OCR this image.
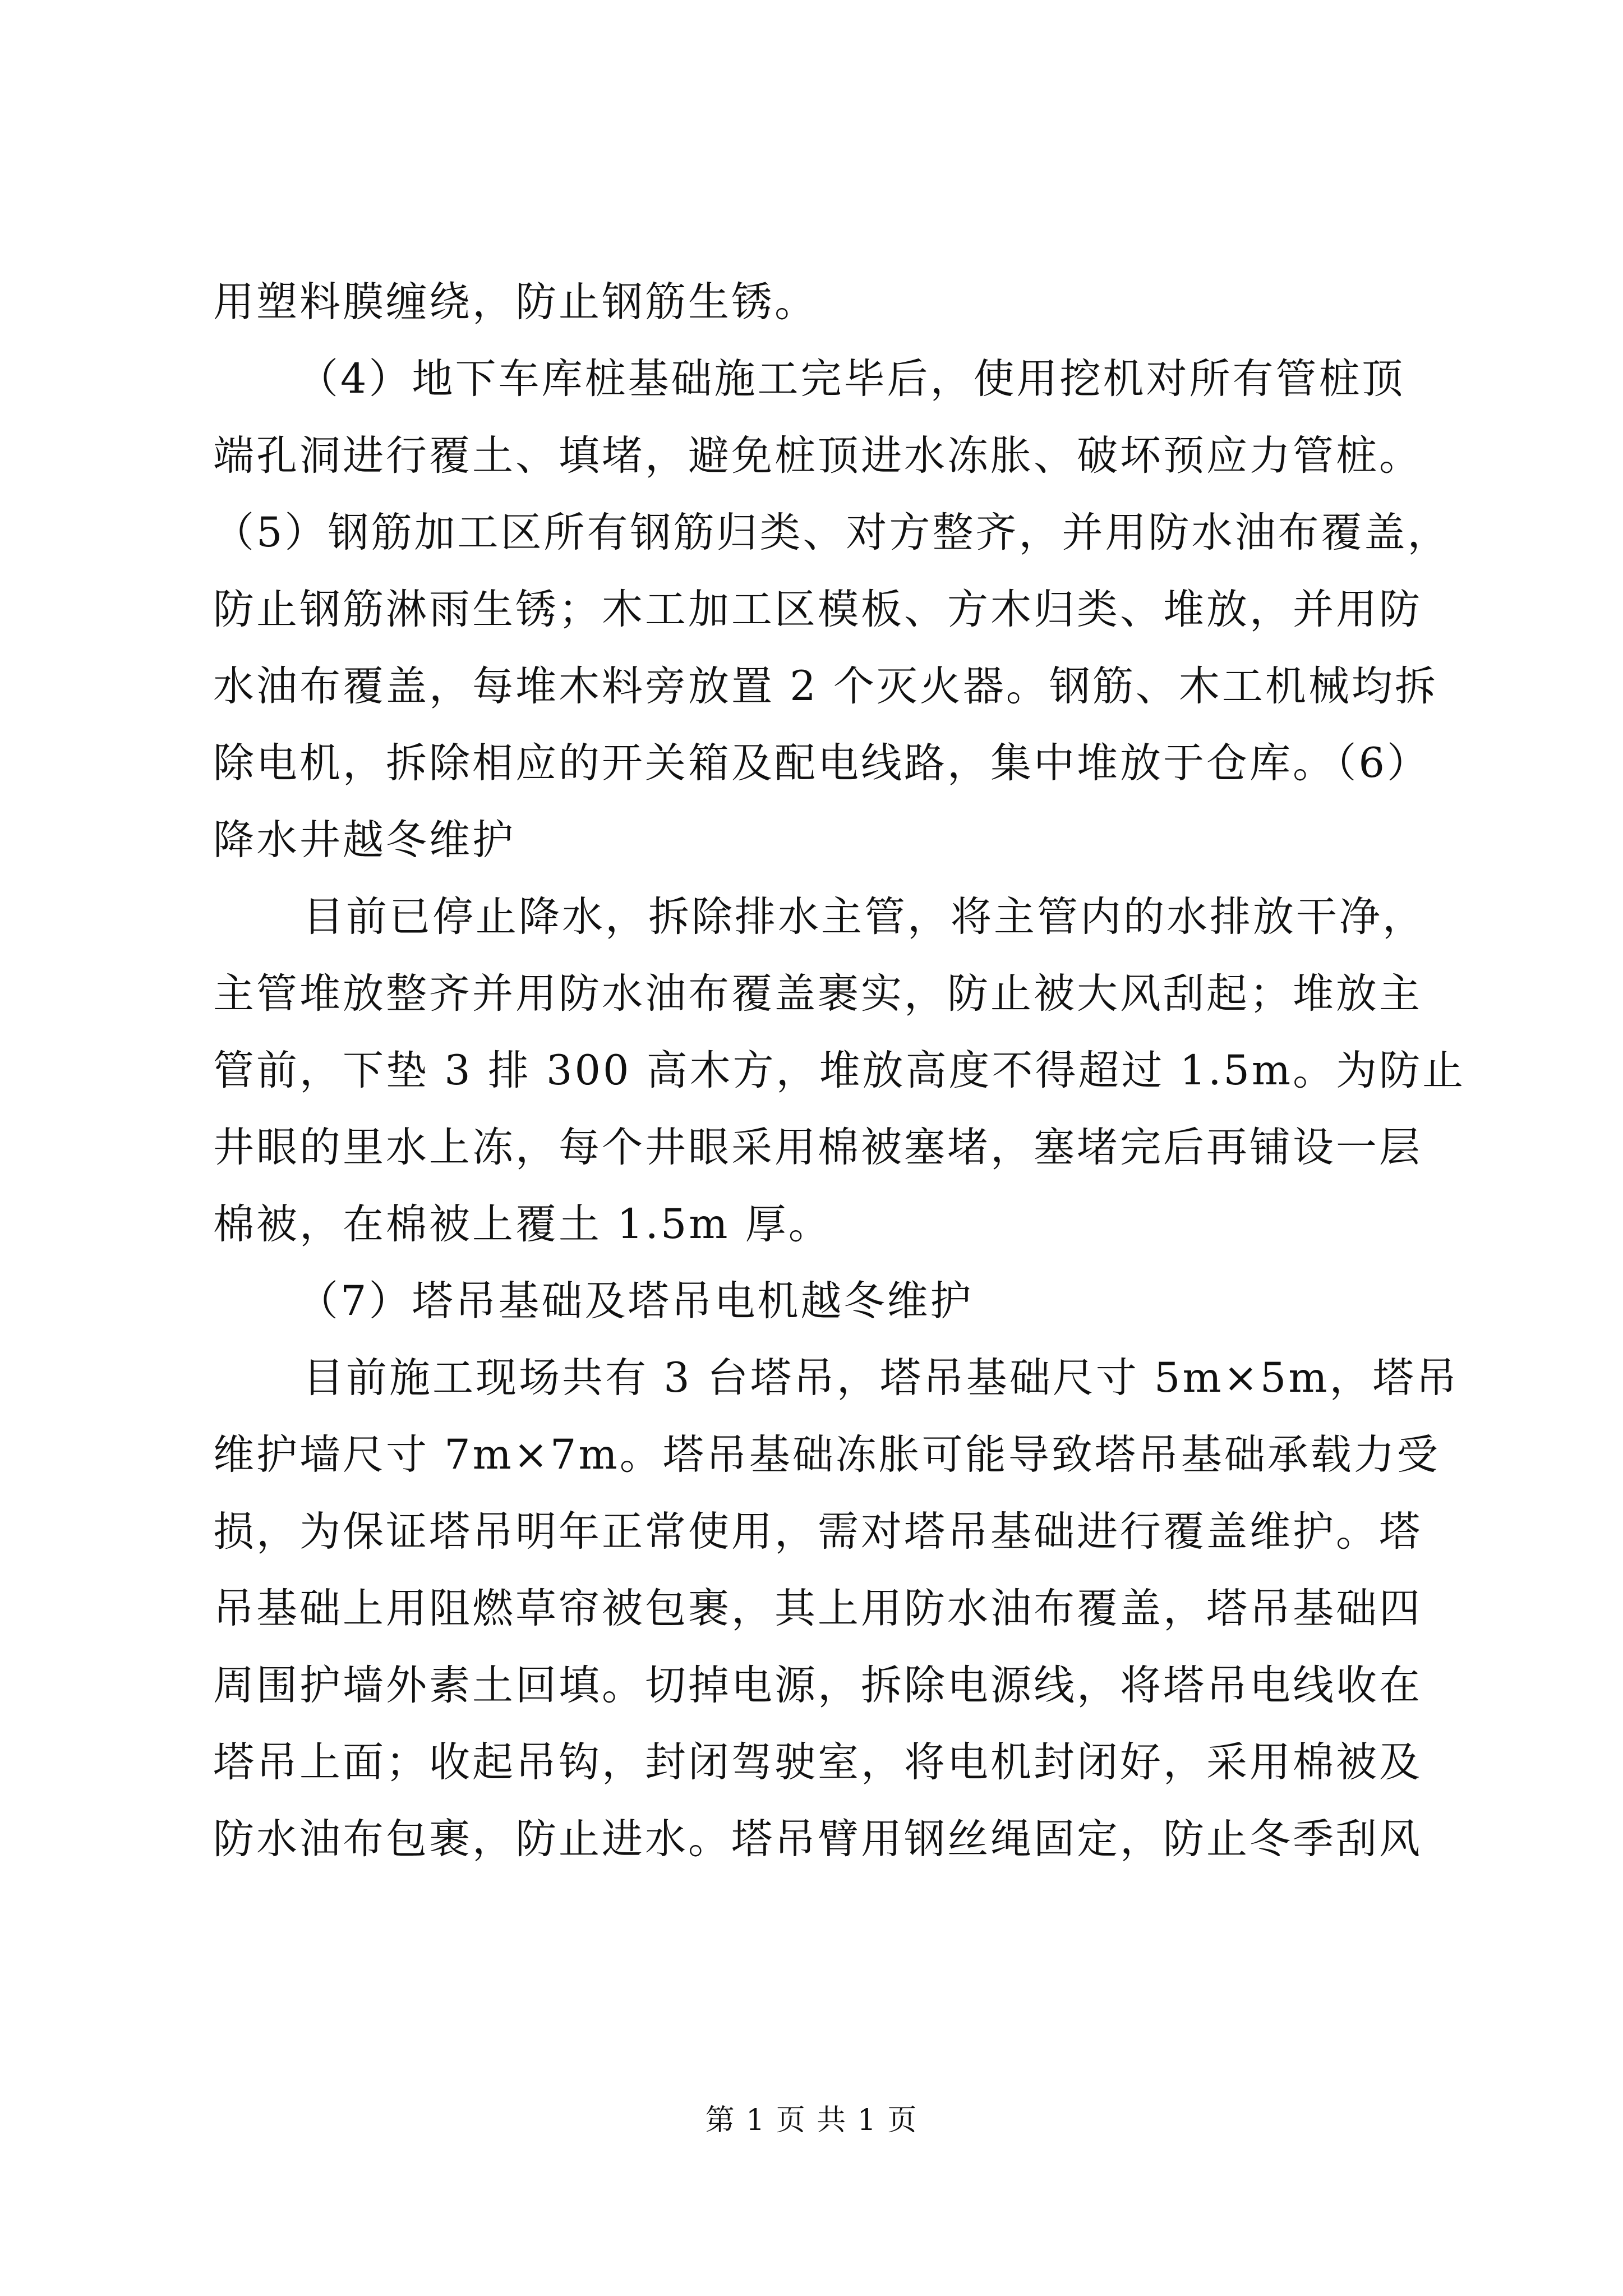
用塑料膜缠绕，防止钢筋生锈。
（4）地下车库桩基础施工完毕后，使用挖机对所有管桩顶
端孔洞进行覆土、填堵，避免桩顶进水冻胀、破坏预应力管桩。
（5）钢筋加工区所有钢筋归类、对方整齐，并用防水油布覆盖，
防止钢筋淋雨生锈；木工加工区模板、方木归类、堆放，并用防
水油布覆盖，每堆木料旁放置 2 个灭火器。钢筋、木工机械均拆
除电机，拆除相应的开关箱及配电线路，集中堆放于仓库。（6）
降水井越冬维护
目前已停止降水，拆除排水主管，将主管内的水排放干净，
主管堆放整齐并用防水油布覆盖裹实，防止被大风刮起；堆放主
管前，下垫 3 排 300 高木方，堆放高度不得超过 1.5m。为防止
井眼的里水上冻，每个井眼采用棉被塞堵，塞堵完后再铺设一层
棉被，在棉被上覆土 1.5m 厚。
（7）塔吊基础及塔吊电机越冬维护
目前施工现场共有 3 台塔吊，塔吊基础尺寸 5m×5m，塔吊
维护墙尺寸 7m×7m。塔吊基础冻胀可能导致塔吊基础承载力受
损，为保证塔吊明年正常使用，需对塔吊基础进行覆盖维护。塔
吊基础上用阻燃草帘被包裹，其上用防水油布覆盖，塔吊基础四
周围护墙外素土回填。切掉电源，拆除电源线，将塔吊电线收在
塔吊上面；收起吊钩，封闭驾驶室，将电机封闭好，采用棉被及
防水油布包裹，防止进水。塔吊臂用钢丝绳固定，防止冬季刮风
第 1 页 共 1 页
